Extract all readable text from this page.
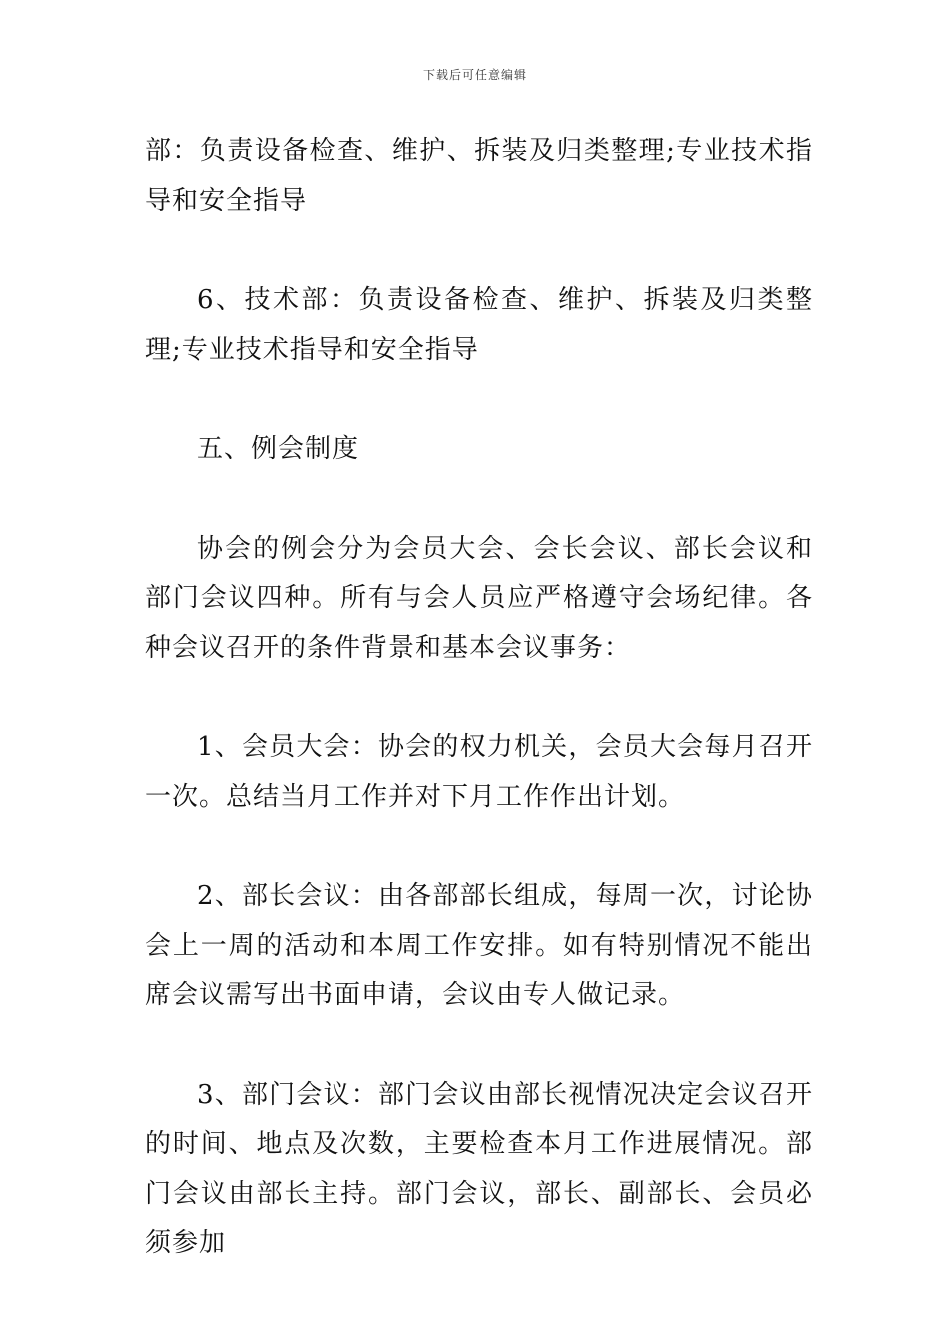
下载后可任意编辑

部：负责设备检查、维护、拆装及归类整理;专业技术指导和安全指导

6、技术部：负责设备检查、维护、拆装及归类整理;专业技术指导和安全指导

五、例会制度

协会的例会分为会员大会、会长会议、部长会议和部门会议四种。所有与会人员应严格遵守会场纪律。各种会议召开的条件背景和基本会议事务：

1、会员大会：协会的权力机关，会员大会每月召开一次。总结当月工作并对下月工作作出计划。

2、部长会议：由各部部长组成，每周一次，讨论协会上一周的活动和本周工作安排。如有特别情况不能出席会议需写出书面申请，会议由专人做记录。

3、部门会议：部门会议由部长视情况决定会议召开的时间、地点及次数，主要检查本月工作进展情况。部门会议由部长主持。部门会议，部长、副部长、会员必须参加
